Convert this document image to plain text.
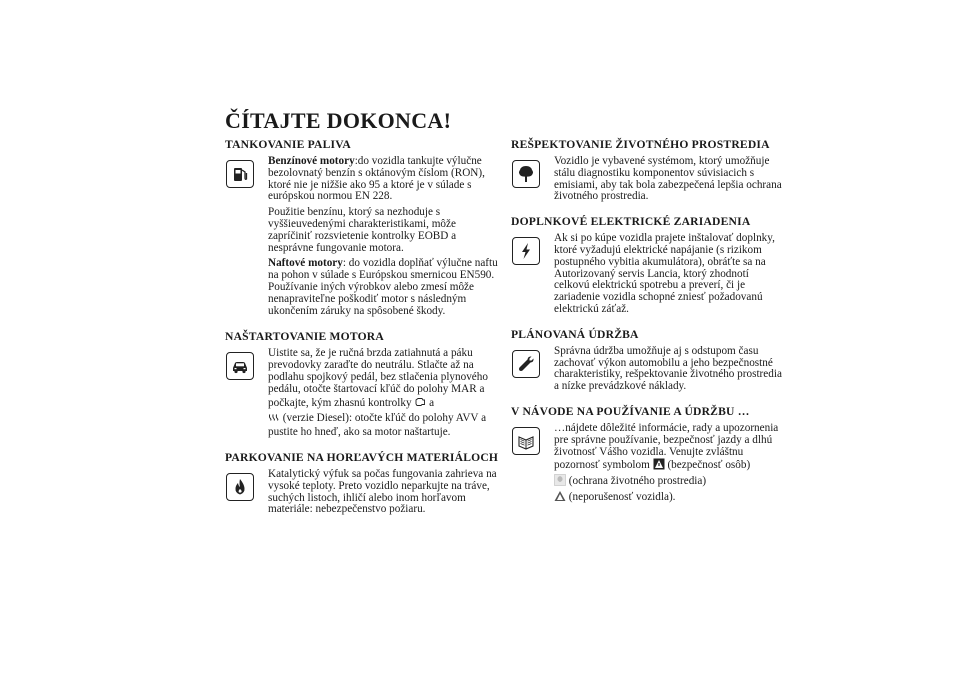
ČÍTAJTE DOKONCA!
TANKOVANIE PALIVA

Benzínové motory:do vozidla tankujte výlučne bezolovnatý benzín s oktánovým číslom (RON), ktoré nie je nižšie ako 95 a ktoré je v súlade s európskou normou EN 228.

Použitie benzínu, ktorý sa nezhoduje s vyššieuvedenými charakteristikami, môže zapríčiniť rozsvietenie kontrolky EOBD a nesprávne fungovanie motora.

Naftové motory: do vozidla doplňať výlučne naftu na pohon v súlade s Európskou smernicou EN590. Používanie iných výrobkov alebo zmesí môže nenapraviteľne poškodiť motor s následným ukončením záruky na spôsobené škody.

NAŠTARTOVANIE MOTORA

Uistite sa, že je ručná brzda zatiahnutá a páku prevodovky zaraďte do neutrálu. Stlačte až na podlahu spojkový pedál, bez stlačenia plynového pedálu, otočte štartovací kľúč do polohy MAR a počkajte, kým zhasnú kontrolky a
(verzie Diesel): otočte kľúč do polohy AVV a pustite ho hneď, ako sa motor naštartuje.

PARKOVANIE NA HORĽAVÝCH MATERIÁLOCH

Katalytický výfuk sa počas fungovania zahrieva na vysoké teploty. Preto vozidlo neparkujte na tráve, suchých listoch, ihličí alebo inom horľavom materiále: nebezpečenstvo požiaru.

REŠPEKTOVANIE ŽIVOTNÉHO PROSTREDIA

Vozidlo je vybavené systémom, ktorý umožňuje stálu diagnostiku komponentov súvisiacich s emisiami, aby tak bola zabezpečená lepšia ochrana životného prostredia.

DOPLNKOVÉ ELEKTRICKÉ ZARIADENIA

Ak si po kúpe vozidla prajete inštalovať doplnky, ktoré vyžadujú elektrické napájanie (s rizikom postupného vybitia akumulátora), obráťte sa na Autorizovaný servis Lancia, ktorý zhodnotí celkovú elektrickú spotrebu a preverí, či je zariadenie vozidla schopné zniesť požadovanú elektrickú záťaž.

PLÁNOVANÁ ÚDRŽBA

Správna údržba umožňuje aj s odstupom času zachovať výkon automobilu a jeho bezpečnostné charakteristiky, rešpektovanie životného prostredia a nízke prevádzkové náklady.

V NÁVODE NA POUŽÍVANIE A ÚDRŽBU …

…nájdete dôležité informácie, rady a upozornenia pre správne používanie, bezpečnosť jazdy a dlhú životnosť Vášho vozidla. Venujte zvláštnu pozornosť symbolom (bezpečnosť osôb)
(ochrana životného prostredia)
(neporušenosť vozidla).
